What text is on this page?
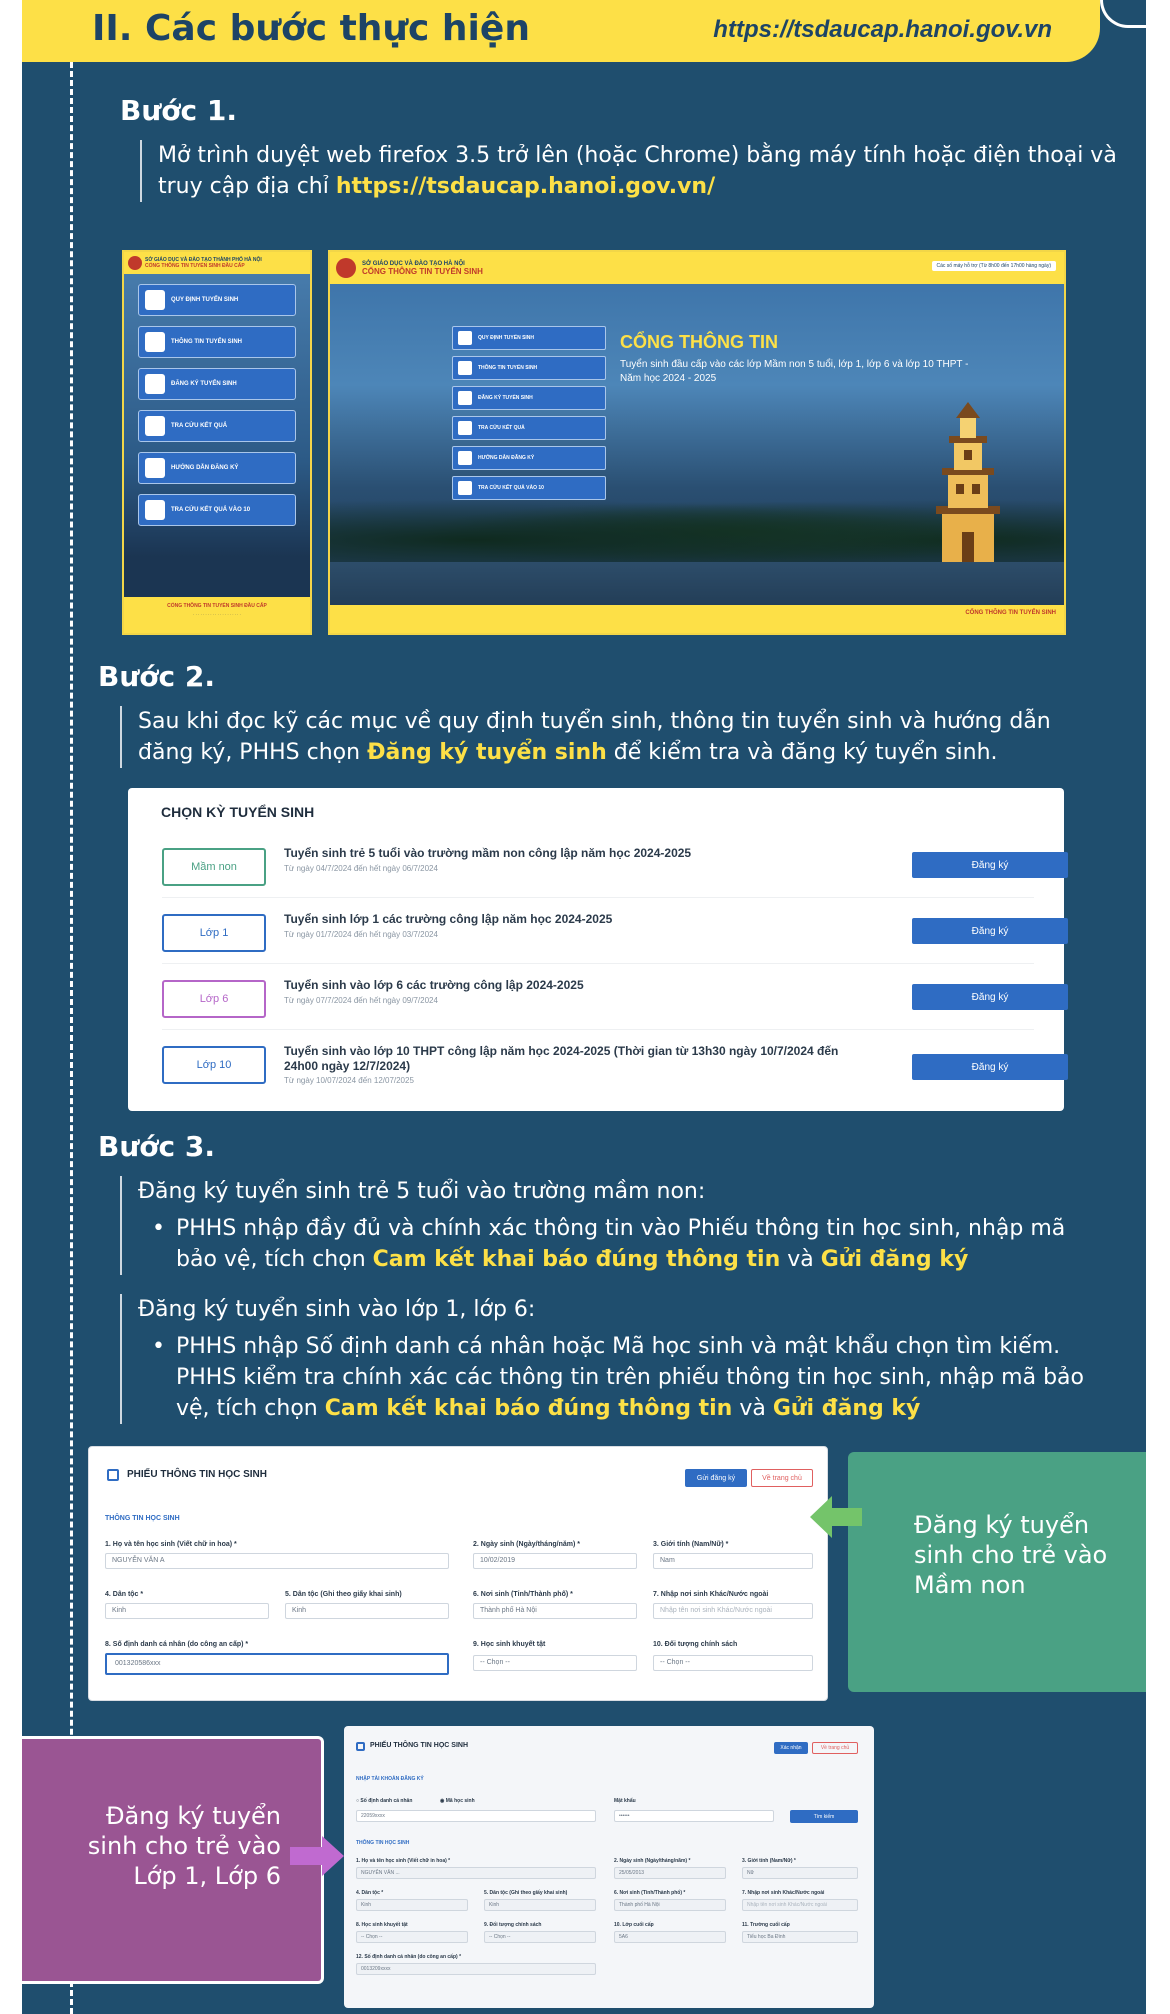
II. Các bước thực hiện	https://tsdaucap.hanoi.gov.vn
Bước 1.
Mở trình duyệt web firefox 3.5 trở lên (hoặc Chrome) bằng máy tính hoặc điện thoại và truy cập địa chỉ https://tsdaucap.hanoi.gov.vn/
SỞ GIÁO DỤC VÀ ĐÀO TẠO THÀNH PHỐ HÀ NỘI
CỔNG THÔNG TIN TUYỂN SINH ĐẦU CẤP
QUY ĐỊNH TUYỂN SINH
THÔNG TIN TUYỂN SINH
ĐĂNG KÝ TUYỂN SINH
TRA CỨU KẾT QUẢ
HƯỚNG DẪN ĐĂNG KÝ
TRA CỨU KẾT QUẢ VÀO 10
CỔNG THÔNG TIN TUYỂN SINH ĐẦU CẤP
· · · · · · · · · · · · · · · · · · · ·
SỞ GIÁO DỤC VÀ ĐÀO TẠO HÀ NỘI
CỔNG THÔNG TIN TUYỂN SINH
Các số máy hỗ trợ (Từ 8h00 đến 17h00 hàng ngày)
QUY ĐỊNH TUYỂN SINH
THÔNG TIN TUYỂN SINH
ĐĂNG KÝ TUYỂN SINH
TRA CỨU KẾT QUẢ
HƯỚNG DẪN ĐĂNG KÝ
TRA CỨU KẾT QUẢ VÀO 10
CỔNG THÔNG TIN
Tuyển sinh đầu cấp vào các lớp Mầm non 5 tuổi, lớp 1, lớp 6 và lớp 10 THPT - Năm học 2024 - 2025
CỔNG THÔNG TIN TUYỂN SINH
Bước 2.
Sau khi đọc kỹ các mục về quy định tuyển sinh, thông tin tuyển sinh và hướng dẫn đăng ký, PHHS chọn Đăng ký tuyển sinh để kiểm tra và đăng ký tuyển sinh.
CHỌN KỲ TUYỂN SINH
Mầm non
Tuyển sinh trẻ 5 tuổi vào trường mầm non công lập năm học 2024-2025
Từ ngày 04/7/2024 đến hết ngày 06/7/2024	Đăng ký
Lớp 1
Tuyển sinh lớp 1 các trường công lập năm học 2024-2025
Từ ngày 01/7/2024 đến hết ngày 03/7/2024	Đăng ký
Lớp 6
Tuyển sinh vào lớp 6 các trường công lập 2024-2025
Từ ngày 07/7/2024 đến hết ngày 09/7/2024	Đăng ký
Lớp 10
Tuyển sinh vào lớp 10 THPT công lập năm học 2024-2025 (Thời gian từ 13h30 ngày 10/7/2024 đến 24h00 ngày 12/7/2024)
Từ ngày 10/07/2024 đến 12/07/2025
Đăng ký
Bước 3.
Đăng ký tuyển sinh trẻ 5 tuổi vào trường mầm non:
• PHHS nhập đầy đủ và chính xác thông tin vào Phiếu thông tin học sinh, nhập mã bảo vệ, tích chọn Cam kết khai báo đúng thông tin và Gửi đăng ký
Đăng ký tuyển sinh vào lớp 1, lớp 6:
• PHHS nhập Số định danh cá nhân hoặc Mã học sinh và mật khẩu chọn tìm kiếm. PHHS kiểm tra chính xác các thông tin trên phiếu thông tin học sinh, nhập mã bảo vệ, tích chọn Cam kết khai báo đúng thông tin và Gửi đăng ký
PHIẾU THÔNG TIN HỌC SINH	Gửi đăng ký	Về trang chủ
THÔNG TIN HỌC SINH
1. Họ và tên học sinh (Viết chữ in hoa) *
NGUYỄN VĂN A
2. Ngày sinh (Ngày/tháng/năm) *
10/02/2019
3. Giới tính (Nam/Nữ) *
Nam
4. Dân tộc *
Kinh
5. Dân tộc (Ghi theo giấy khai sinh)
Kinh
6. Nơi sinh (Tỉnh/Thành phố) *
Thành phố Hà Nội
7. Nhập nơi sinh Khác/Nước ngoài
Nhập tên nơi sinh Khác/Nước ngoài
8. Số định danh cá nhân (do công an cấp) *
001320586xxx
9. Học sinh khuyết tật
-- Chọn --
10. Đối tượng chính sách
-- Chọn --
Đăng ký tuyển sinh cho trẻ vào Mầm non
Đăng ký tuyển sinh cho trẻ vào Lớp 1, Lớp 6
PHIẾU THÔNG TIN HỌC SINH	Xác nhận	Về trang chủ
NHẬP TÀI KHOẢN ĐĂNG KÝ
○ Số định danh cá nhân	◉ Mã học sinh	Mật khẩu
22059xxxx	••••••	Tìm kiếm
THÔNG TIN HỌC SINH
1. Họ và tên học sinh (Viết chữ in hoa) *
NGUYỄN VĂN ...
2. Ngày sinh (Ngày/tháng/năm) *
25/05/2013
3. Giới tính (Nam/Nữ) *
Nữ
4. Dân tộc *
Kinh
5. Dân tộc (Ghi theo giấy khai sinh)
Kinh
6. Nơi sinh (Tỉnh/Thành phố) *
Thành phố Hà Nội
7. Nhập nơi sinh Khác/Nước ngoài
Nhập tên nơi sinh Khác/Nước ngoài
8. Học sinh khuyết tật
-- Chọn --
9. Đối tượng chính sách
-- Chọn --
10. Lớp cuối cấp
5A6
11. Trường cuối cấp
Tiểu học Ba Đình
12. Số định danh cá nhân (do công an cấp) *
0013209xxxx
